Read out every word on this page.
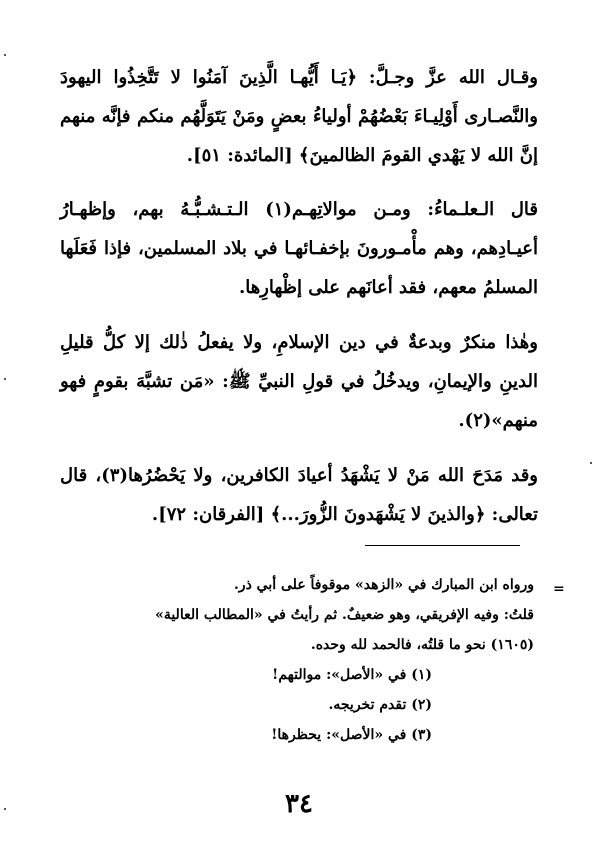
وقـال الله عزَّ وجـلَّ: ﴿يَـا أَيُّهـا الَّذِينَ آمَنُوا لا تَتَّخِذُوا اليهودَ والنَّصـارى أَوْلِيـاءَ بَعْضُهُمْ أولياءُ بعضٍ ومَنْ يَتَوَلَّهُم منكم فإنَّه منهم إنَّ الله لا يَهْدي القومَ الظالمينَ﴾ [المائدة: ٥١].

قال الـعلـماءُ: ومـن موالاتِهـم(١) الـتـشـبُّـهُ بهم، وإظهـارُ أعيـادِهم، وهم مأْمـورونَ بإخفـائهـا في بلاد المسلمين، فإذا فَعَلَها المسلمُ معهم، فقد أعانَهم على إظْهارِها.

وهٰذا منكرٌ وبدعةٌ في دين الإسلامِ، ولا يفعلُ ذٰلك إلا كلُّ قليلِ الدينِ والإيمانِ، ويدخُلُ في قولِ النبيِّ ﷺ: «مَن تشبَّهَ بقومٍ فهو منهم»(٢).

وقد مَدَحَ الله مَنْ لا يَشْهَدُ أعيادَ الكافرين، ولا يَحْضُرُها(٣)، قال تعالى: ﴿والذينَ لا يَشْهَدونَ الزُّورَ...﴾ [الفرقان: ٧٢].

=
ورواه ابن المبارك في «الزهد» موقوفاً على أبي ذر.
قلتُ: وفيه الإفريقي، وهو ضعيفٌ. ثم رأيتُ في «المطالب العالية»
(١٦٠٥) نحو ما قلتُه، فالحمد لله وحده.
(١) في «الأصل»: موالتهم!
(٢) تقدم تخريجه.
(٣) في «الأصل»: يحظرها!
٣٤
